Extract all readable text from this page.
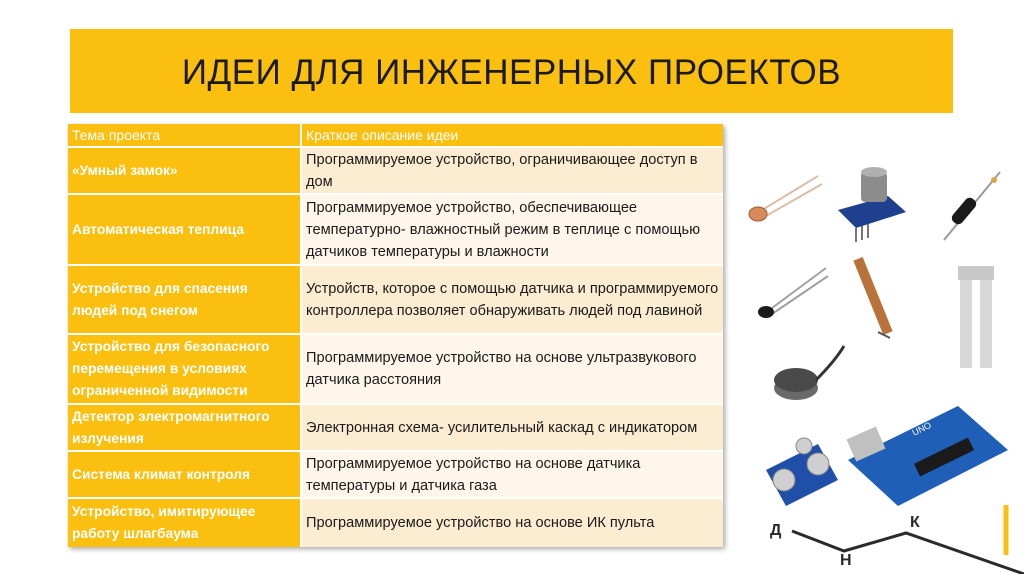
ИДЕИ ДЛЯ ИНЖЕНЕРНЫХ ПРОЕКТОВ
Тема проекта	Краткое описание идеи
«Умный замок»	Программируемое устройство, ограничивающее доступ в дом
Автоматическая теплица	Программируемое устройство, обеспечивающее температурно- влажностный режим в теплице с помощью датчиков температуры и влажности
Устройство для спасения людей под снегом	Устройств, которое с помощью датчика и программируемого контроллера позволяет обнаруживать людей под лавиной
Устройство для безопасного перемещения в условиях ограниченной видимости	Программируемое устройство на основе ультразвукового датчика расстояния
Детектор электромагнитного излучения	Электронная схема- усилительный каскад с индикатором
Система климат контроля	Программируемое устройство на основе датчика температуры и датчика газа
Устройство, имитирующее работу шлагбаума	Программируемое устройство на основе ИК пульта
UNO
Д
Н
К
